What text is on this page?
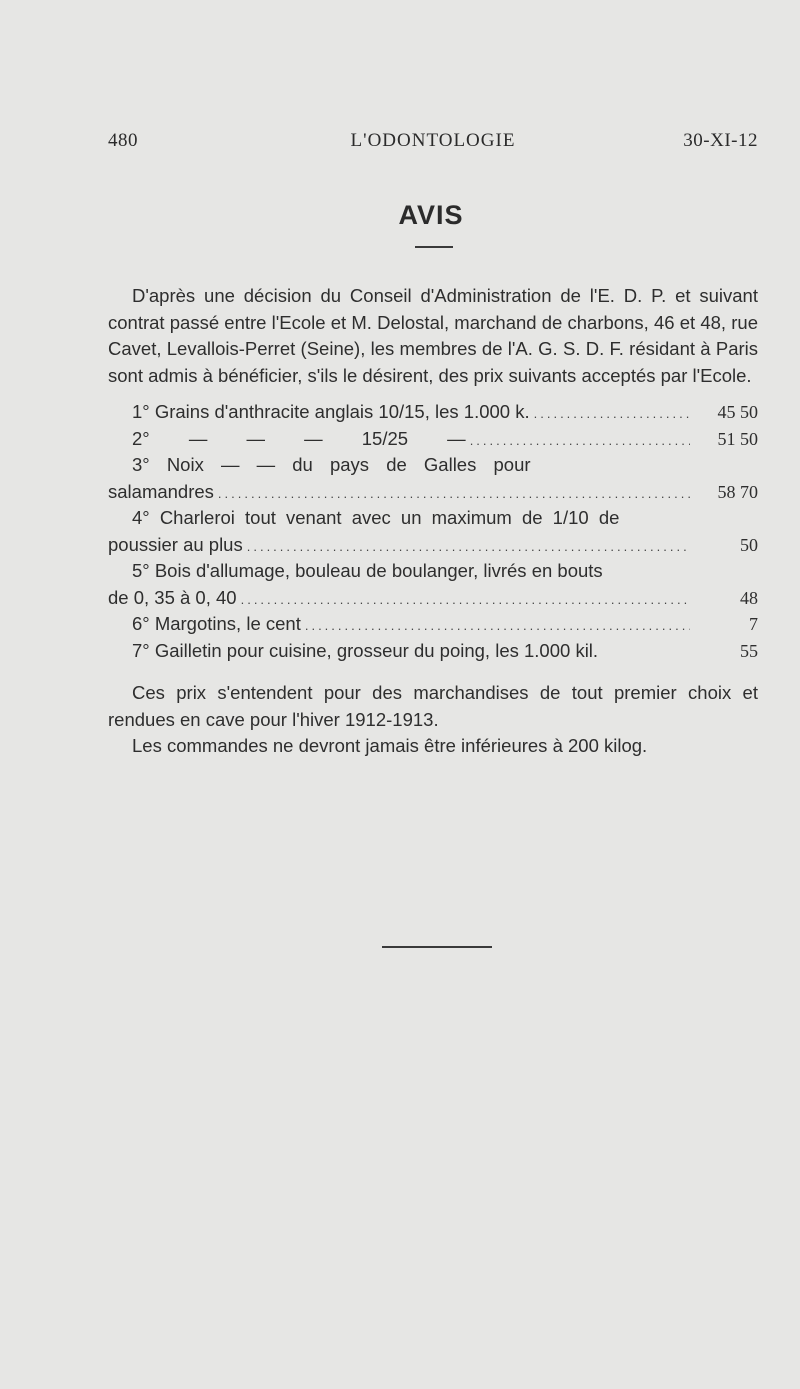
480	L'ODONTOLOGIE	30-XI-12
AVIS

D'après une décision du Conseil d'Administration de l'E. D. P. et suivant contrat passé entre l'Ecole et M. Delostal, marchand de charbons, 46 et 48, rue Cavet, Levallois-Perret (Seine), les membres de l'A. G. S. D. F. résidant à Paris sont admis à bénéficier, s'ils le désirent, des prix suivants acceptés par l'Ecole.

1° Grains d'anthracite anglais 10/15, les 1.000 k. .....	45 50
2° — — — 15/25 — .....	51 50
3° Noix — — du pays de Galles pour
salamandres .....	58 70
4° Charleroi tout venant avec un maximum de 1/10 de
poussier au plus .....	50
5° Bois d'allumage, bouleau de boulanger, livrés en bouts
de 0, 35 à 0, 40 .....	48
6° Margotins, le cent .....	7
7° Gailletin pour cuisine, grosseur du poing, les 1.000 kil.	55

Ces prix s'entendent pour des marchandises de tout premier choix et rendues en cave pour l'hiver 1912-1913.

Les commandes ne devront jamais être inférieures à 200 kilog.
